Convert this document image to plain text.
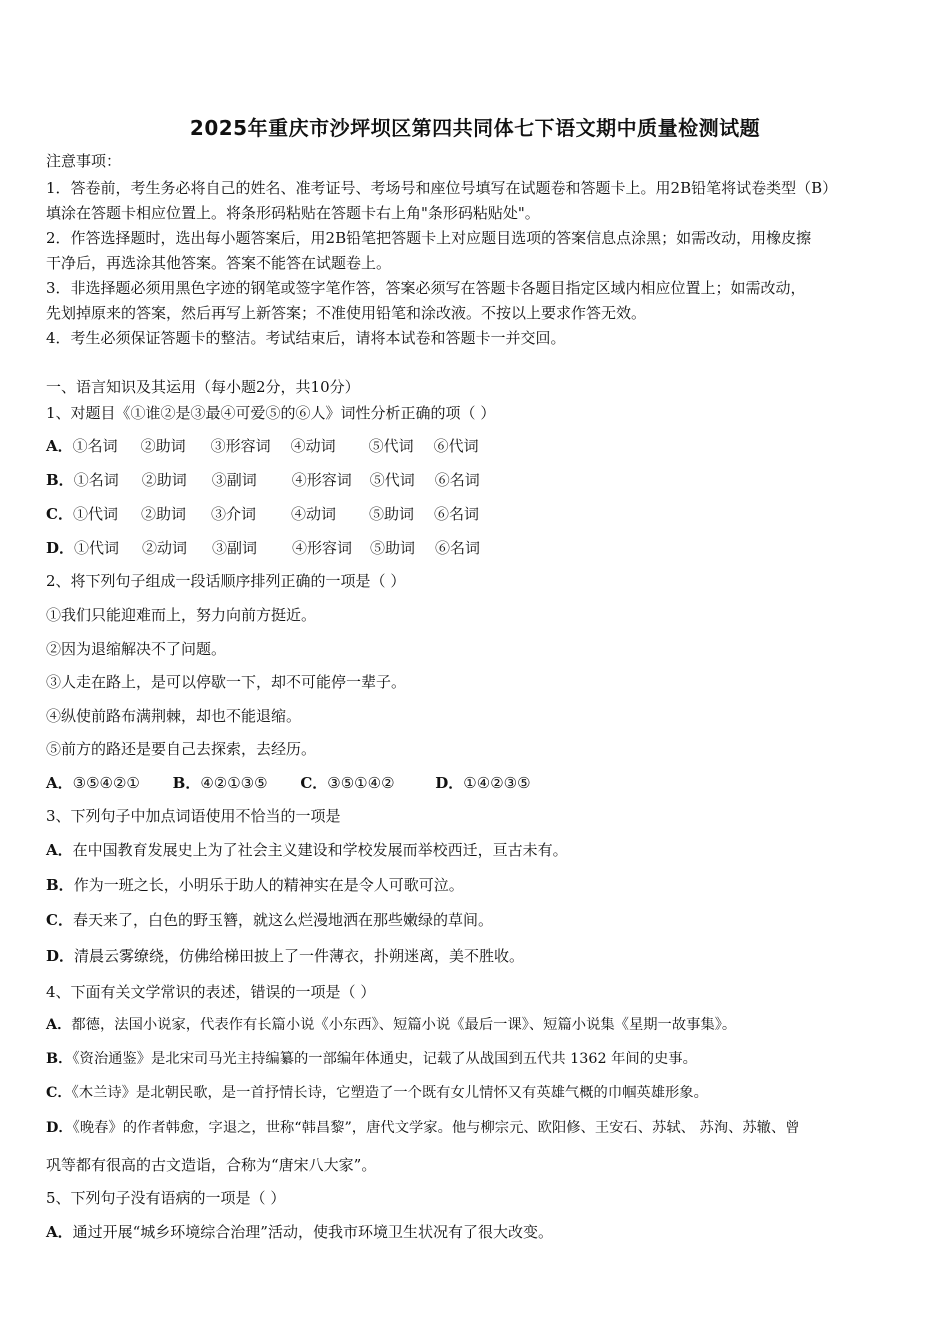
2025年重庆市沙坪坝区第四共同体七下语文期中质量检测试题
注意事项：
1．答卷前，考生务必将自己的姓名、准考证号、考场号和座位号填写在试题卷和答题卡上。用2B铅笔将试卷类型（B）
填涂在答题卡相应位置上。将条形码粘贴在答题卡右上角"条形码粘贴处"。
2．作答选择题时，选出每小题答案后，用2B铅笔把答题卡上对应题目选项的答案信息点涂黑；如需改动，用橡皮擦
干净后，再选涂其他答案。答案不能答在试题卷上。
3．非选择题必须用黑色字迹的钢笔或签字笔作答，答案必须写在答题卡各题目指定区域内相应位置上；如需改动，
先划掉原来的答案，然后再写上新答案；不准使用铅笔和涂改液。不按以上要求作答无效。
4．考生必须保证答题卡的整洁。考试结束后，请将本试卷和答题卡一并交回。
一、语言知识及其运用（每小题2分，共10分）
1、对题目《①谁②是③最④可爱⑤的⑥人》词性分析正确的项（ ）
A．①名词 ②助词 ③形容词 ④动词 ⑤代词 ⑥代词
B．①名词 ②助词 ③副词 ④形容词 ⑤代词 ⑥名词
C．①代词 ②助词 ③介词 ④动词 ⑤助词 ⑥名词
D．①代词 ②动词 ③副词 ④形容词 ⑤助词 ⑥名词
2、将下列句子组成一段话顺序排列正确的一项是（ ）
①我们只能迎难而上，努力向前方挺近。
②因为退缩解决不了问题。
③人走在路上，是可以停歇一下，却不可能停一辈子。
④纵使前路布满荆棘，却也不能退缩。
⑤前方的路还是要自己去探索，去经历。
A．③⑤④②① B．④②①③⑤ C．③⑤①④②	D．①④②③⑤
3、下列句子中加点词语使用不恰当的一项是
A．在中国教育发展史上为了社会主义建设和学校发展而举校西迁，亘古未有。
B．作为一班之长，小明乐于助人的精神实在是令人可歌可泣。
C．春天来了，白色的野玉簪，就这么烂漫地洒在那些嫩绿的草间。
D．清晨云雾缭绕，仿佛给梯田披上了一件薄衣，扑朔迷离，美不胜收。
4、下面有关文学常识的表述，错误的一项是（ ）
A．都德，法国小说家，代表作有长篇小说《小东西》、短篇小说《最后一课》、短篇小说集《星期一故事集》。
B．《资治通鉴》是北宋司马光主持编纂的一部编年体通史，记载了从战国到五代共 1362 年间的史事。
C．《木兰诗》是北朝民歌，是一首抒情长诗，它塑造了一个既有女儿情怀又有英雄气概的巾帼英雄形象。
D．《晚春》的作者韩愈，字退之，世称“韩昌黎”，唐代文学家。他与柳宗元、欧阳修、王安石、苏轼、 苏洵、苏辙、曾
巩等都有很高的古文造诣，合称为“唐宋八大家”。
5、下列句子没有语病的一项是（ ）
A．通过开展“城乡环境综合治理”活动，使我市环境卫生状况有了很大改变。
